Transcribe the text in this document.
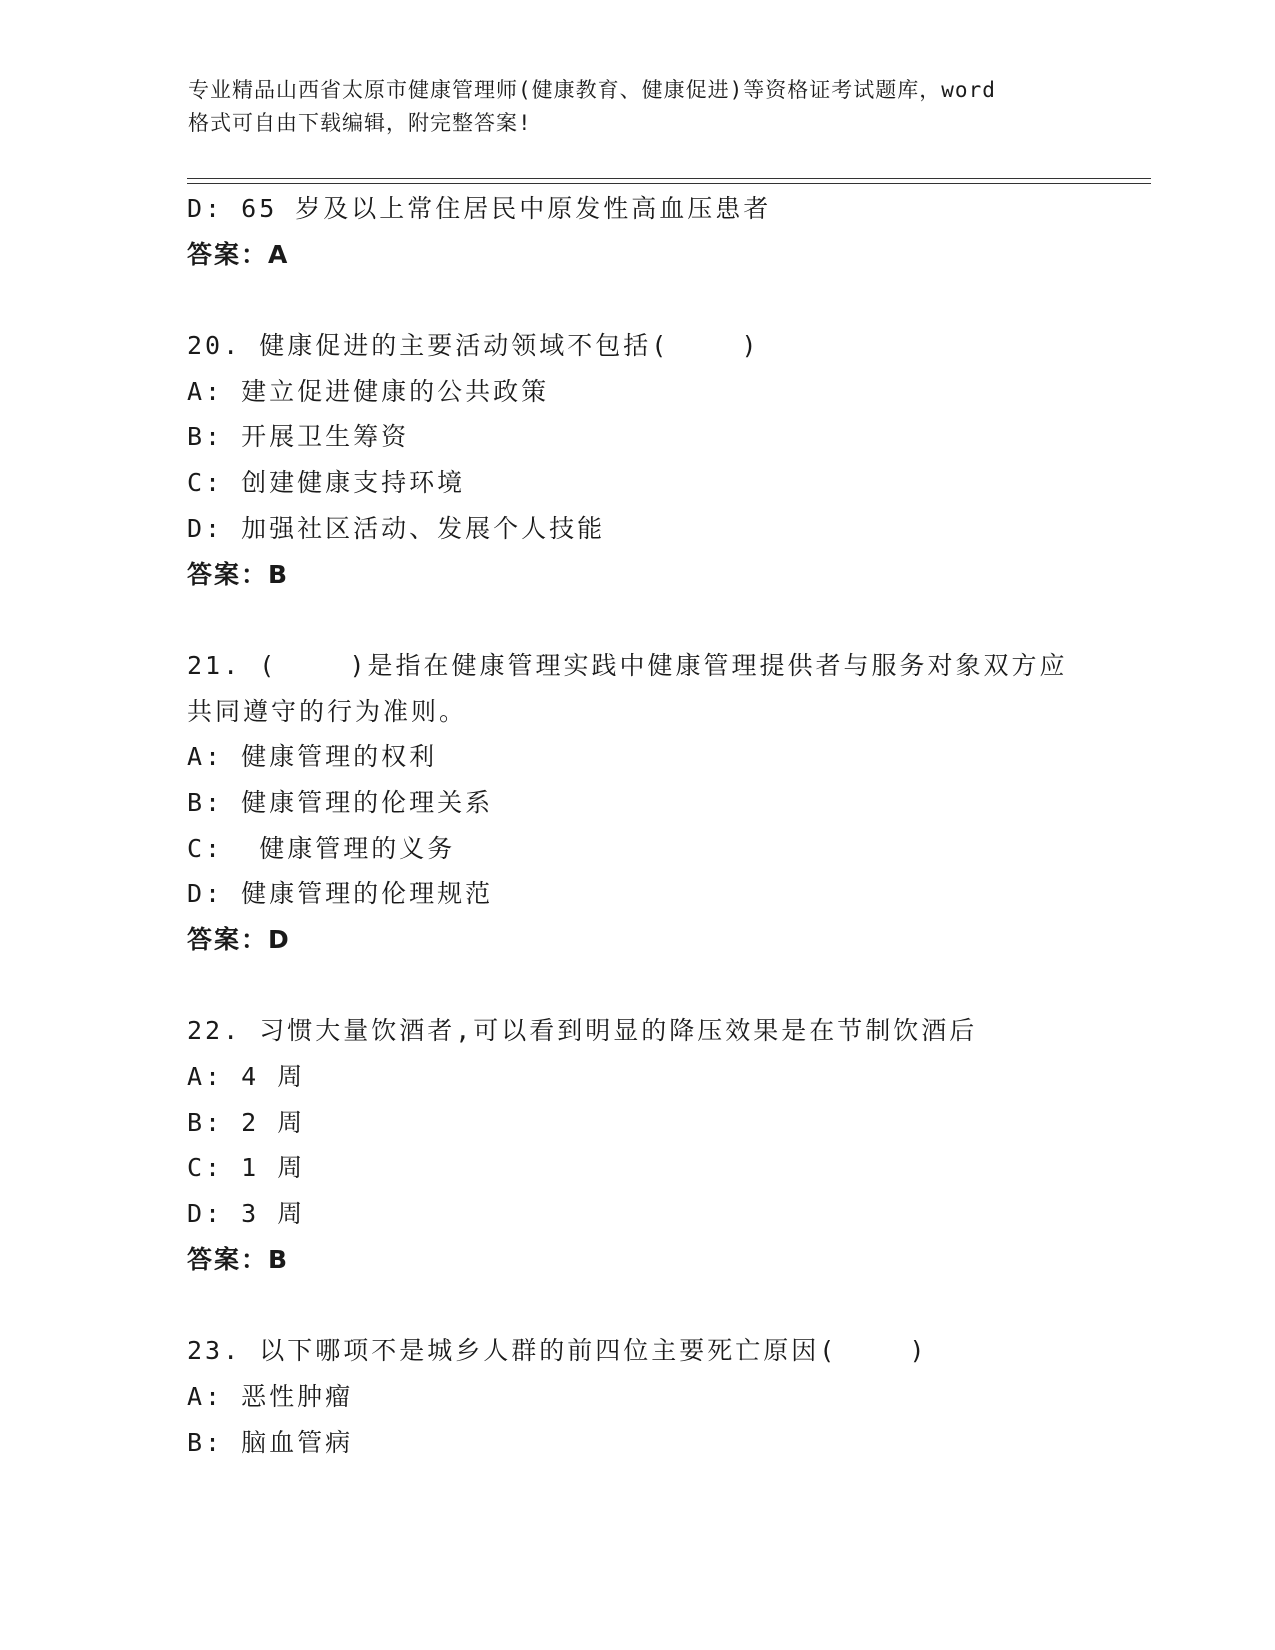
专业精品山西省太原市健康管理师(健康教育、健康促进)等资格证考试题库，word
格式可自由下载编辑，附完整答案!
D: 65 岁及以上常住居民中原发性高血压患者
答案：A
20. 健康促进的主要活动领域不包括(    )
A: 建立促进健康的公共政策
B: 开展卫生筹资
C: 创建健康支持环境
D: 加强社区活动、发展个人技能
答案：B
21. (    )是指在健康管理实践中健康管理提供者与服务对象双方应
共同遵守的行为准则。
A: 健康管理的权利
B: 健康管理的伦理关系
C:  健康管理的义务
D: 健康管理的伦理规范
答案：D
22. 习惯大量饮酒者,可以看到明显的降压效果是在节制饮酒后
A: 4 周
B: 2 周
C: 1 周
D: 3 周
答案：B
23. 以下哪项不是城乡人群的前四位主要死亡原因(    )
A: 恶性肿瘤
B: 脑血管病
